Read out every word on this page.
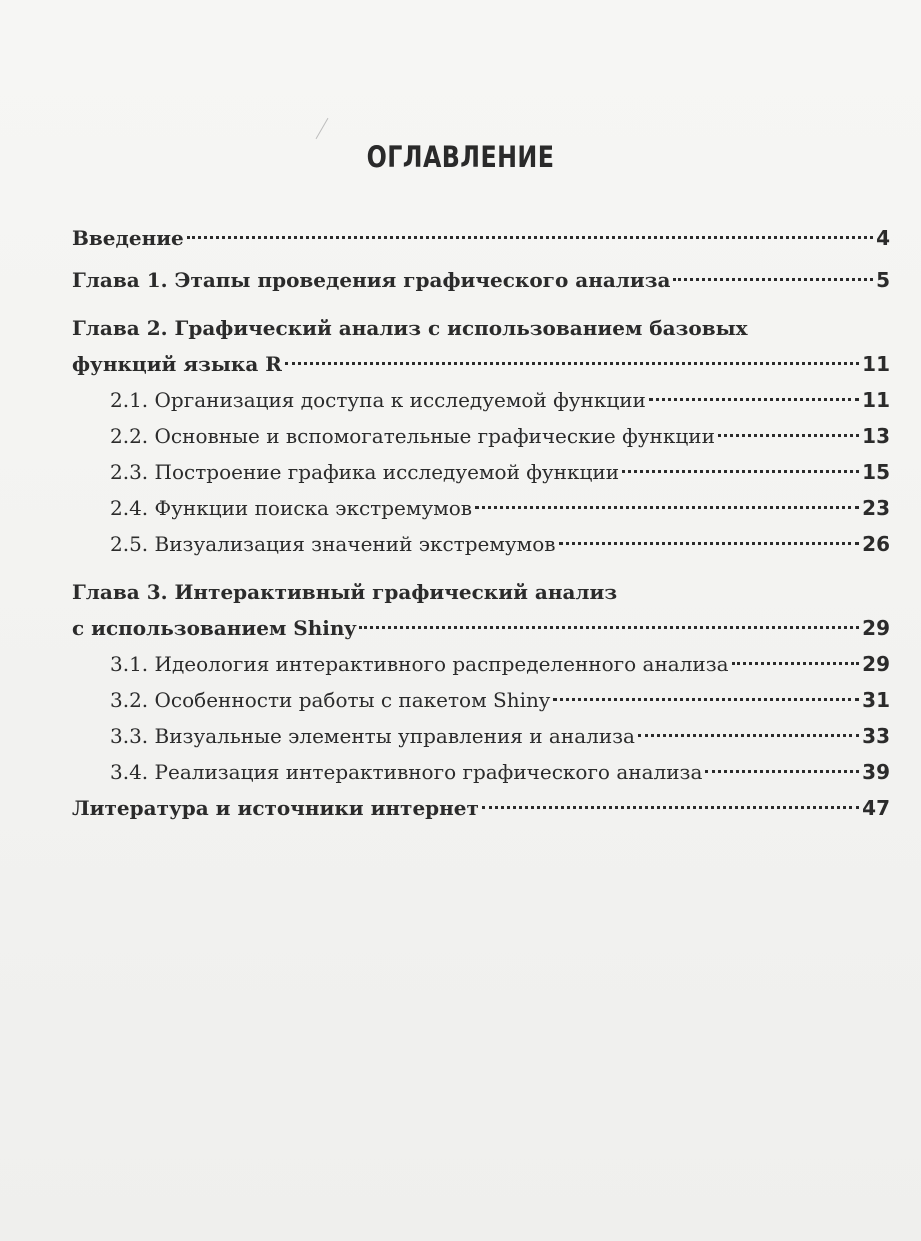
ОГЛАВЛЕНИЕ
Введение	4
Глава 1. Этапы проведения графического анализа	5
Глава 2. Графический анализ с использованием базовых
функций языка R	11
2.1. Организация доступа к исследуемой функции	11
2.2. Основные и вспомогательные графические функции	13
2.3. Построение графика исследуемой функции	15
2.4. Функции поиска экстремумов	23
2.5. Визуализация значений экстремумов	26
Глава 3. Интерактивный графический анализ
с использованием Shiny	29
3.1. Идеология интерактивного распределенного анализа	29
3.2. Особенности работы с пакетом Shiny	31
3.3. Визуальные элементы управления и анализа	33
3.4. Реализация интерактивного графического анализа	39
Литература и источники интернет	47
